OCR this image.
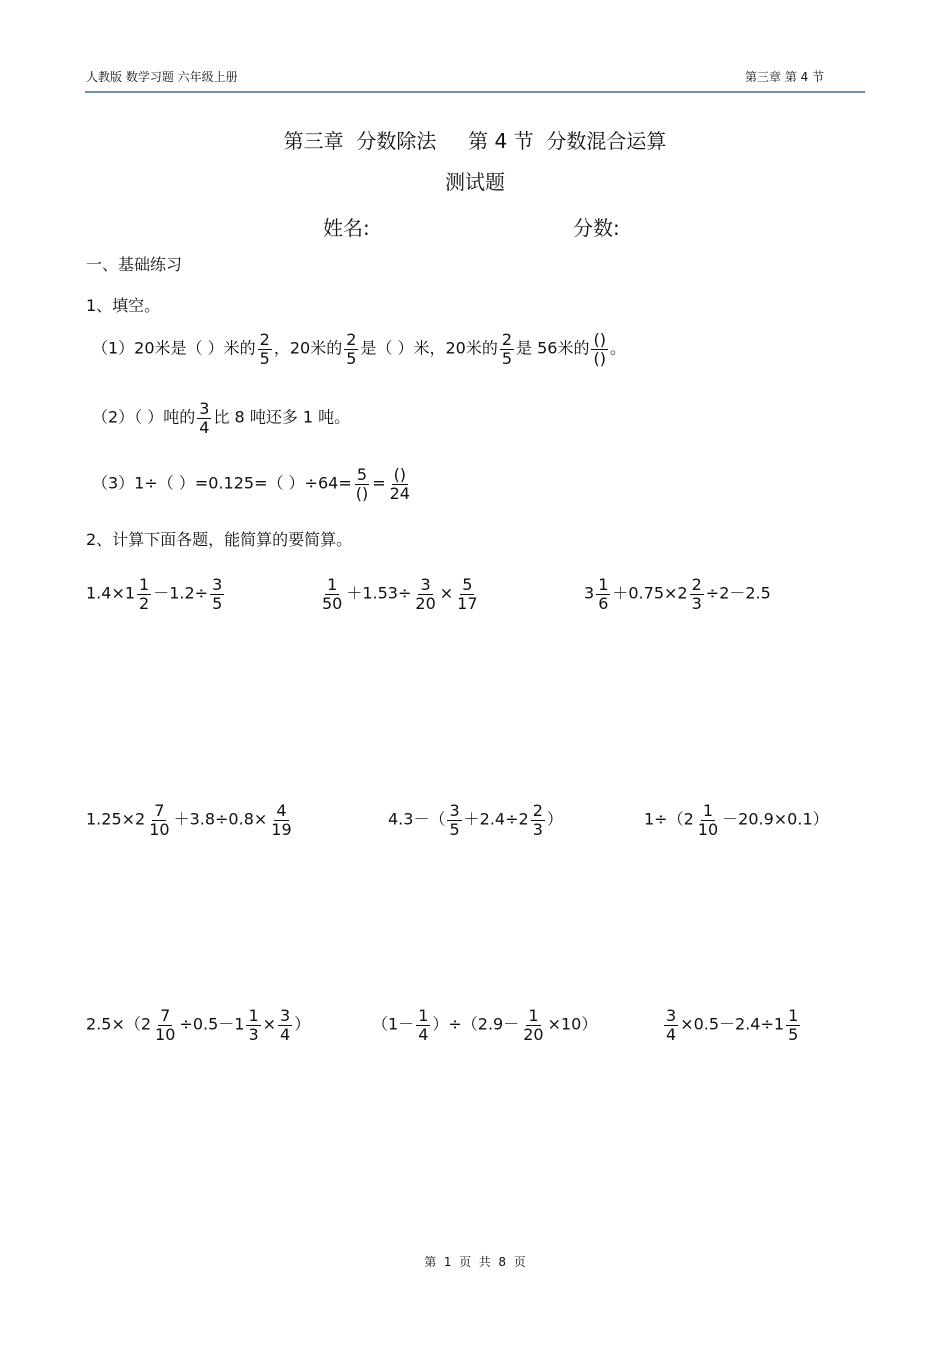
人教版 数学习题 六年级上册	第三章 第 4 节
第三章  分数除法     第 4 节  分数混合运算
测试题
姓名:	分数:
一、基础练习
1、填空。
（1）20米是（ ）米的 $\frac{2}{5}$ ，20米的 $\frac{2}{5}$ 是（ ）米，20米的 $\frac{2}{5}$ 是 56米的 $\frac{()}{()}$ 。
（2）（ ）吨的 $\frac{3}{4}$ 比 8 吨还多 1 吨。
（3）1÷（ ）=0.125=（ ）$\div 64= \frac{5}{()} = \frac{()}{24}$
2、计算下面各题，能简算的要简算。
$1.4\times 1 \frac{1}{2} -1.2\div \frac{3}{5}$	$\frac{1}{50} +1.53\div \frac{3}{20} \times \frac{5}{17}$	$3 \frac{1}{6} +0.75\times 2 \frac{2}{3} \div 2-2.5$
$1.25\times 2 \frac{7}{10} +3.8\div 0.8\times \frac{4}{19}$	$4.3-( \frac{3}{5} +2.4\div 2 \frac{2}{3}$ ）	$1\div(2 \frac{1}{10} -20.9\times 0.1)$
$2.5\times(2 \frac{7}{10} \div 0.5-1 \frac{1}{3} \times \frac{3}{4}$ ）	$(1- \frac{1}{4} )\div(2.9- \frac{1}{20} \times 10)$	$\frac{3}{4} \times 0.5-2.4\div 1 \frac{1}{5}$
第  1  页  共  8  页
